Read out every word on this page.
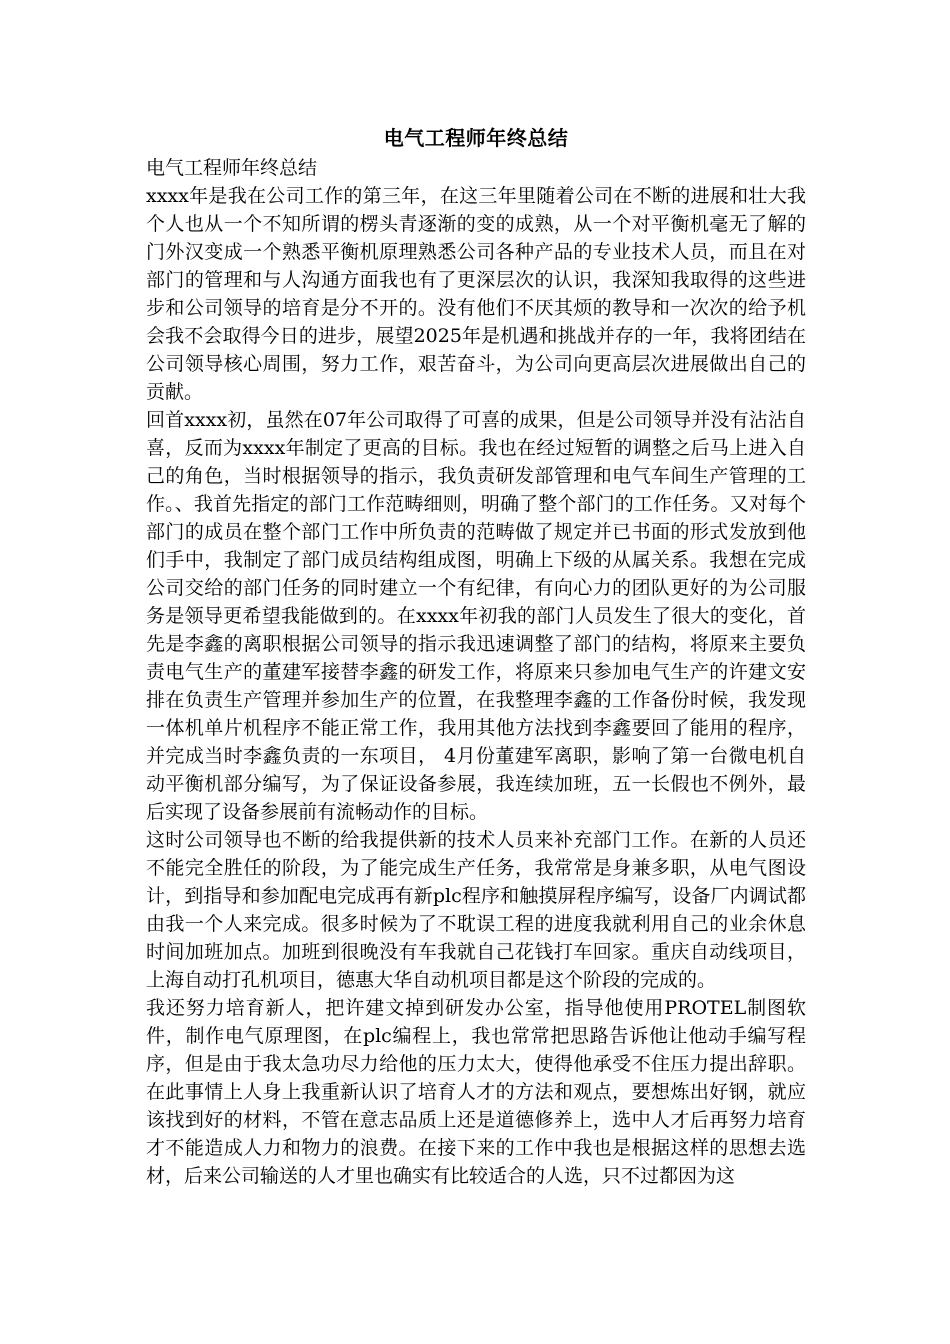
电气工程师年终总结
电气工程师年终总结

xxxx年是我在公司工作的第三年，在这三年里随着公司在不断的进展和壮大我个人也从一个不知所谓的楞头青逐渐的变的成熟，从一个对平衡机毫无了解的门外汉变成一个熟悉平衡机原理熟悉公司各种产品的专业技术人员，而且在对部门的管理和与人沟通方面我也有了更深层次的认识，我深知我取得的这些进步和公司领导的培育是分不开的。没有他们不厌其烦的教导和一次次的给予机会我不会取得今日的进步，展望2025年是机遇和挑战并存的一年，我将团结在公司领导核心周围，努力工作，艰苦奋斗，为公司向更高层次进展做出自己的贡献。

回首xxxx初，虽然在07年公司取得了可喜的成果，但是公司领导并没有沾沾自喜，反而为xxxx年制定了更高的目标。我也在经过短暂的调整之后马上进入自己的角色，当时根据领导的指示，我负责研发部管理和电气车间生产管理的工作。、我首先指定的部门工作范畴细则，明确了整个部门的工作任务。又对每个部门的成员在整个部门工作中所负责的范畴做了规定并已书面的形式发放到他们手中，我制定了部门成员结构组成图，明确上下级的从属关系。我想在完成公司交给的部门任务的同时建立一个有纪律，有向心力的团队更好的为公司服务是领导更希望我能做到的。在xxxx年初我的部门人员发生了很大的变化，首先是李鑫的离职根据公司领导的指示我迅速调整了部门的结构，将原来主要负责电气生产的董建军接替李鑫的研发工作，将原来只参加电气生产的许建文安排在负责生产管理并参加生产的位置，在我整理李鑫的工作备份时候，我发现一体机单片机程序不能正常工作，我用其他方法找到李鑫要回了能用的程序，并完成当时李鑫负责的一东项目， 4月份董建军离职，影响了第一台微电机自动平衡机部分编写，为了保证设备参展，我连续加班，五一长假也不例外，最后实现了设备参展前有流畅动作的目标。

这时公司领导也不断的给我提供新的技术人员来补充部门工作。在新的人员还不能完全胜任的阶段，为了能完成生产任务，我常常是身兼多职，从电气图设计，到指导和参加配电完成再有新plc程序和触摸屏程序编写，设备厂内调试都由我一个人来完成。很多时候为了不耽误工程的进度我就利用自己的业余休息时间加班加点。加班到很晚没有车我就自己花钱打车回家。重庆自动线项目，上海自动打孔机项目，德惠大华自动机项目都是这个阶段的完成的。

我还努力培育新人，把许建文掉到研发办公室，指导他使用PROTEL制图软件，制作电气原理图，在plc编程上，我也常常把思路告诉他让他动手编写程序，但是由于我太急功尽力给他的压力太大，使得他承受不住压力提出辞职。在此事情上人身上我重新认识了培育人才的方法和观点，要想炼出好钢，就应该找到好的材料，不管在意志品质上还是道德修养上，选中人才后再努力培育才不能造成人力和物力的浪费。在接下来的工作中我也是根据这样的思想去选材，后来公司输送的人才里也确实有比较适合的人选，只不过都因为这
